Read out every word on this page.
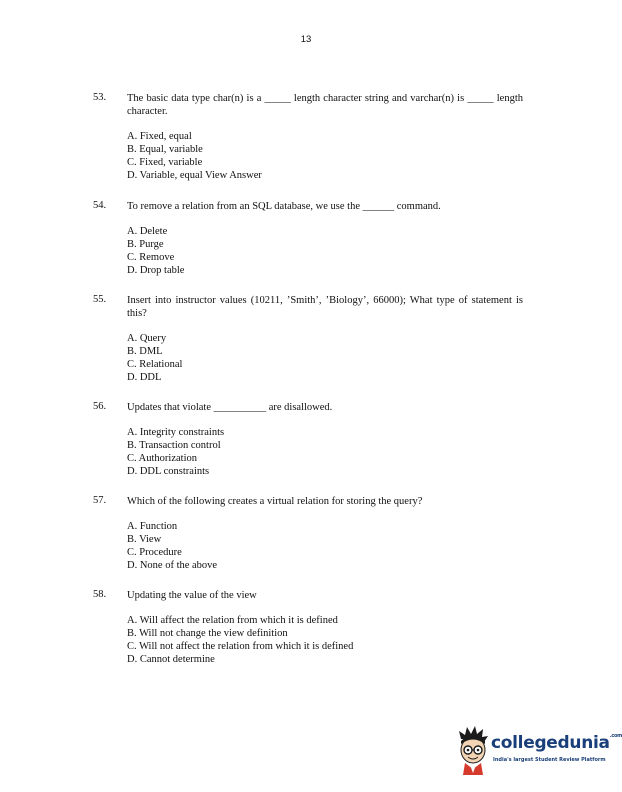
13
53. The basic data type char(n) is a _____ length character string and varchar(n) is _____ length character.

A. Fixed, equal
B. Equal, variable
C. Fixed, variable
D. Variable, equal View Answer
54. To remove a relation from an SQL database, we use the ______ command.

A. Delete
B. Purge
C. Remove
D. Drop table
55. Insert into instructor values (10211, ’Smith’, ’Biology’, 66000); What type of statement is this?

A. Query
B. DML
C. Relational
D. DDL
56. Updates that violate __________ are disallowed.

A. Integrity constraints
B. Transaction control
C. Authorization
D. DDL constraints
57. Which of the following creates a virtual relation for storing the query?

A. Function
B. View
C. Procedure
D. None of the above
58. Updating the value of the view

A. Will affect the relation from which it is defined
B. Will not change the view definition
C. Will not affect the relation from which it is defined
D. Cannot determine
collegedunia$^{.com}$
India's largest Student Review Platform
